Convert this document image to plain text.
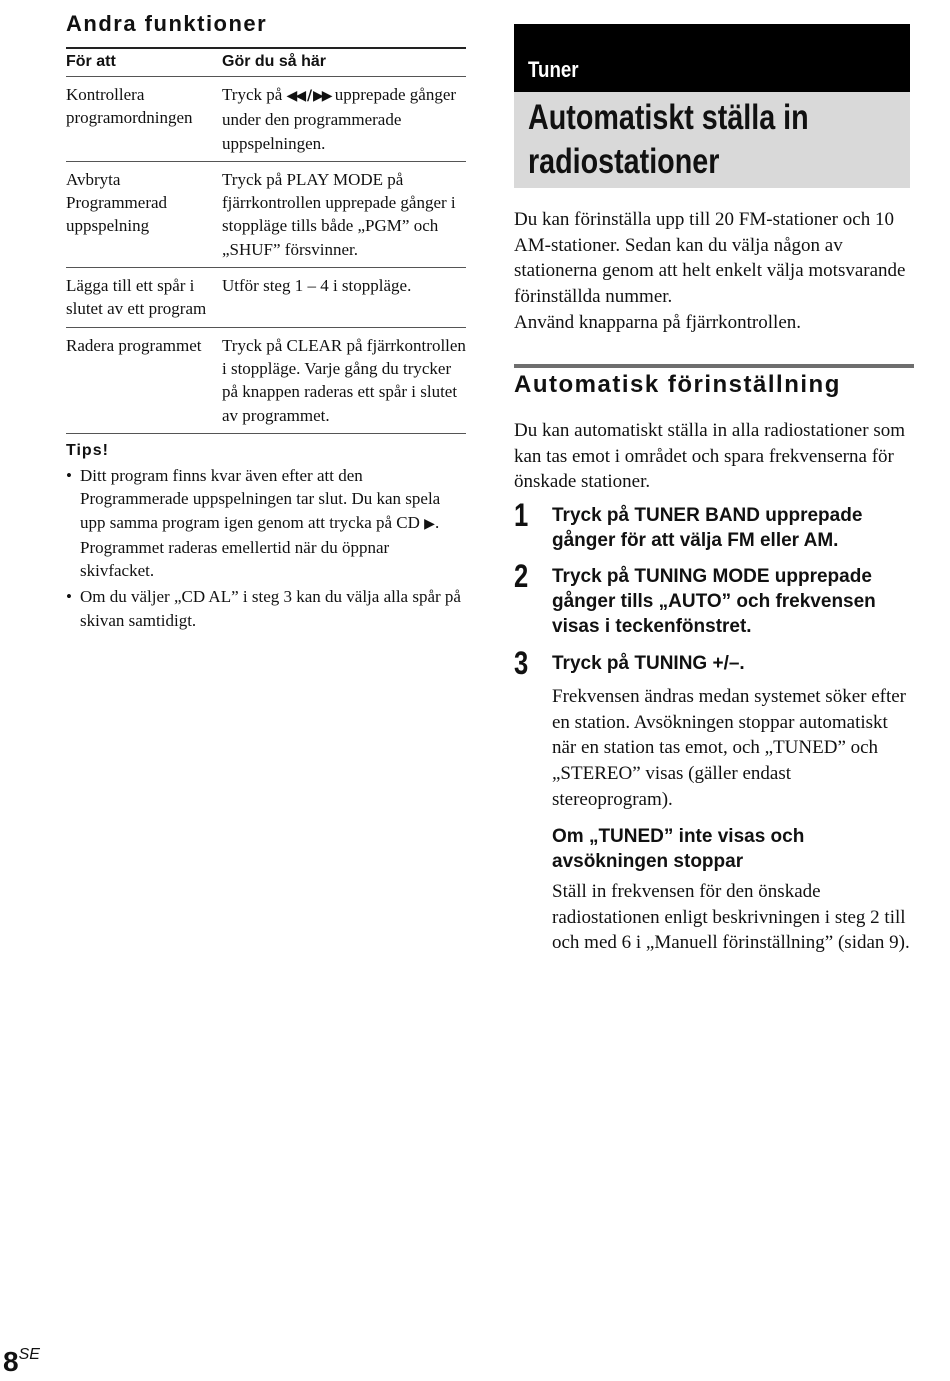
Andra funktioner
För att	Gör du så här
Kontrollera programordningen	Tryck på ◀◀ / ▶▶ upprepade gånger under den programmerade uppspelningen.
Avbryta Programmerad uppspelning	Tryck på PLAY MODE på fjärrkontrollen upprepade gånger i stoppläge tills både „PGM” och „SHUF” försvinner.
Lägga till ett spår i slutet av ett program	Utför steg 1 – 4 i stoppläge.
Radera programmet	Tryck på CLEAR på fjärrkontrollen i stoppläge. Varje gång du trycker på knappen raderas ett spår i slutet av programmet.
Tips!
• Ditt program finns kvar även efter att den Programmerade uppspelningen tar slut. Du kan spela upp samma program igen genom att trycka på CD ▶. Programmet raderas emellertid när du öppnar skivfacket.
• Om du väljer „CD AL” i steg 3 kan du välja alla spår på skivan samtidigt.
Tuner
Automatiskt ställa in radiostationer
Du kan förinställa upp till 20 FM-stationer och 10 AM-stationer. Sedan kan du välja någon av stationerna genom att helt enkelt välja motsvarande förinställda nummer.
Använd knapparna på fjärrkontrollen.
Automatisk förinställning
Du kan automatiskt ställa in alla radiostationer som kan tas emot i området och spara frekvenserna för önskade stationer.
1 Tryck på TUNER BAND upprepade gånger för att välja FM eller AM.
2 Tryck på TUNING MODE upprepade gånger tills „AUTO” och frekvensen visas i teckenfönstret.
3 Tryck på TUNING +/–.
Frekvensen ändras medan systemet söker efter en station. Avsökningen stoppar automatiskt när en station tas emot, och „TUNED” och „STEREO” visas (gäller endast stereoprogram).
Om „TUNED” inte visas och avsökningen stoppar
Ställ in frekvensen för den önskade radiostationen enligt beskrivningen i steg 2 till och med 6 i „Manuell förinställning” (sidan 9).
$8^{SE}$
